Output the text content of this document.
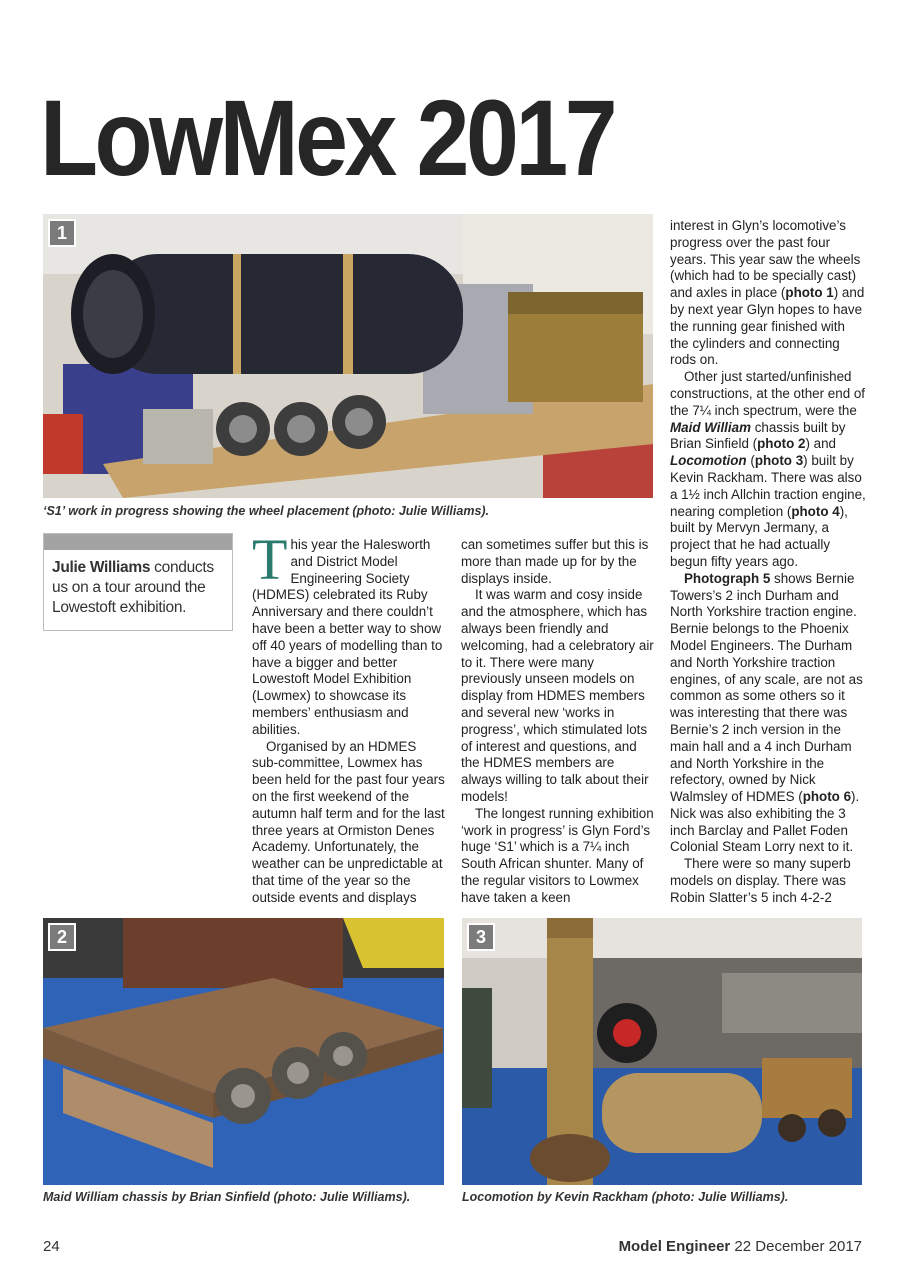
LowMex 2017
1
‘S1’ work in progress showing the wheel placement (photo: Julie Williams).

Julie Williams conducts us on a tour around the Lowestoft exhibition.

This year the Halesworth and District Model Engineering Society (HDMES) celebrated its Ruby Anniversary and there couldn’t have been a better way to show off 40 years of modelling than to have a bigger and better Lowestoft Model Exhibition (Lowmex) to showcase its members’ enthusiasm and abilities.

Organised by an HDMES sub-committee, Lowmex has been held for the past four years on the first weekend of the autumn half term and for the last three years at Ormiston Denes Academy. Unfortunately, the weather can be unpredictable at that time of the year so the outside events and displays

can sometimes suffer but this is more than made up for by the displays inside.

It was warm and cosy inside and the atmosphere, which has always been friendly and welcoming, had a celebratory air to it. There were many previously unseen models on display from HDMES members and several new ‘works in progress’, which stimulated lots of interest and questions, and the HDMES members are always willing to talk about their models!

The longest running exhibition ‘work in progress’ is Glyn Ford’s huge ‘S1’ which is a 7¼ inch South African shunter. Many of the regular visitors to Lowmex have taken a keen

interest in Glyn’s locomotive’s progress over the past four years. This year saw the wheels (which had to be specially cast) and axles in place (photo 1) and by next year Glyn hopes to have the running gear finished with the cylinders and connecting rods on.

Other just started/unfinished constructions, at the other end of the 7¼ inch spectrum, were the Maid William chassis built by Brian Sinfield (photo 2) and Locomotion (photo 3) built by Kevin Rackham. There was also a 1½ inch Allchin traction engine, nearing completion (photo 4), built by Mervyn Jermany, a project that he had actually begun fifty years ago.

Photograph 5 shows Bernie Towers’s 2 inch Durham and North Yorkshire traction engine. Bernie belongs to the Phoenix Model Engineers. The Durham and North Yorkshire traction engines, of any scale, are not as common as some others so it was interesting that there was Bernie’s 2 inch version in the main hall and a 4 inch Durham and North Yorkshire in the refectory, owned by Nick Walmsley of HDMES (photo 6). Nick was also exhibiting the 3 inch Barclay and Pallet Foden Colonial Steam Lorry next to it.

There were so many superb models on display. There was Robin Slatter’s 5 inch 4-2-2

2
Maid William chassis by Brian Sinfield (photo: Julie Williams).
3
Locomotion by Kevin Rackham (photo: Julie Williams).
24	Model Engineer 22 December 2017
